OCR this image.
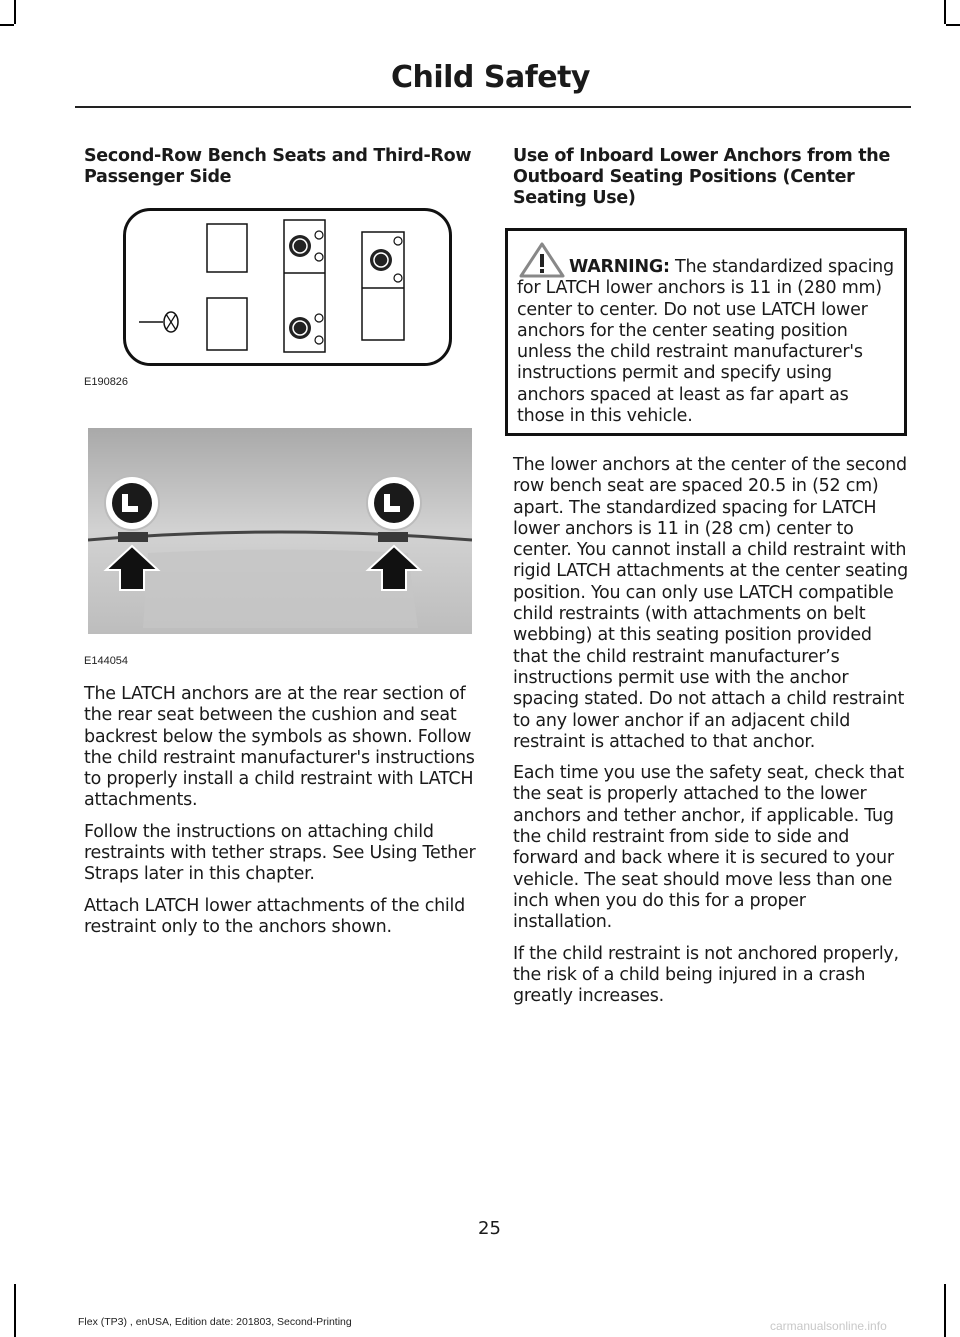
Child Safety
Second-Row Bench Seats and Third-Row Passenger Side
E190826
E144054

The LATCH anchors are at the rear section of the rear seat between the cushion and seat backrest below the symbols as shown. Follow the child restraint manufacturer's instructions to properly install a child restraint with LATCH attachments.

Follow the instructions on attaching child restraints with tether straps. See Using Tether Straps later in this chapter.

Attach LATCH lower attachments of the child restraint only to the anchors shown.

Use of Inboard Lower Anchors from the Outboard Seating Positions (Center Seating Use)

WARNING: The standardized spacing for LATCH lower anchors is 11 in (280 mm) center to center. Do not use LATCH lower anchors for the center seating position unless the child restraint manufacturer's instructions permit and specify using anchors spaced at least as far apart as those in this vehicle.

The lower anchors at the center of the second row bench seat are spaced 20.5 in (52 cm) apart. The standardized spacing for LATCH lower anchors is 11 in (28 cm) center to center. You cannot install a child restraint with rigid LATCH attachments at the center seating position. You can only use LATCH compatible child restraints (with attachments on belt webbing) at this seating position provided that the child restraint manufacturer’s instructions permit use with the anchor spacing stated. Do not attach a child restraint to any lower anchor if an adjacent child restraint is attached to that anchor.

Each time you use the safety seat, check that the seat is properly attached to the lower anchors and tether anchor, if applicable. Tug the child restraint from side to side and forward and back where it is secured to your vehicle. The seat should move less than one inch when you do this for a proper installation.

If the child restraint is not anchored properly, the risk of a child being injured in a crash greatly increases.

25
Flex (TP3) , enUSA, Edition date: 201803, Second-Printing	carmanualsonline.info
